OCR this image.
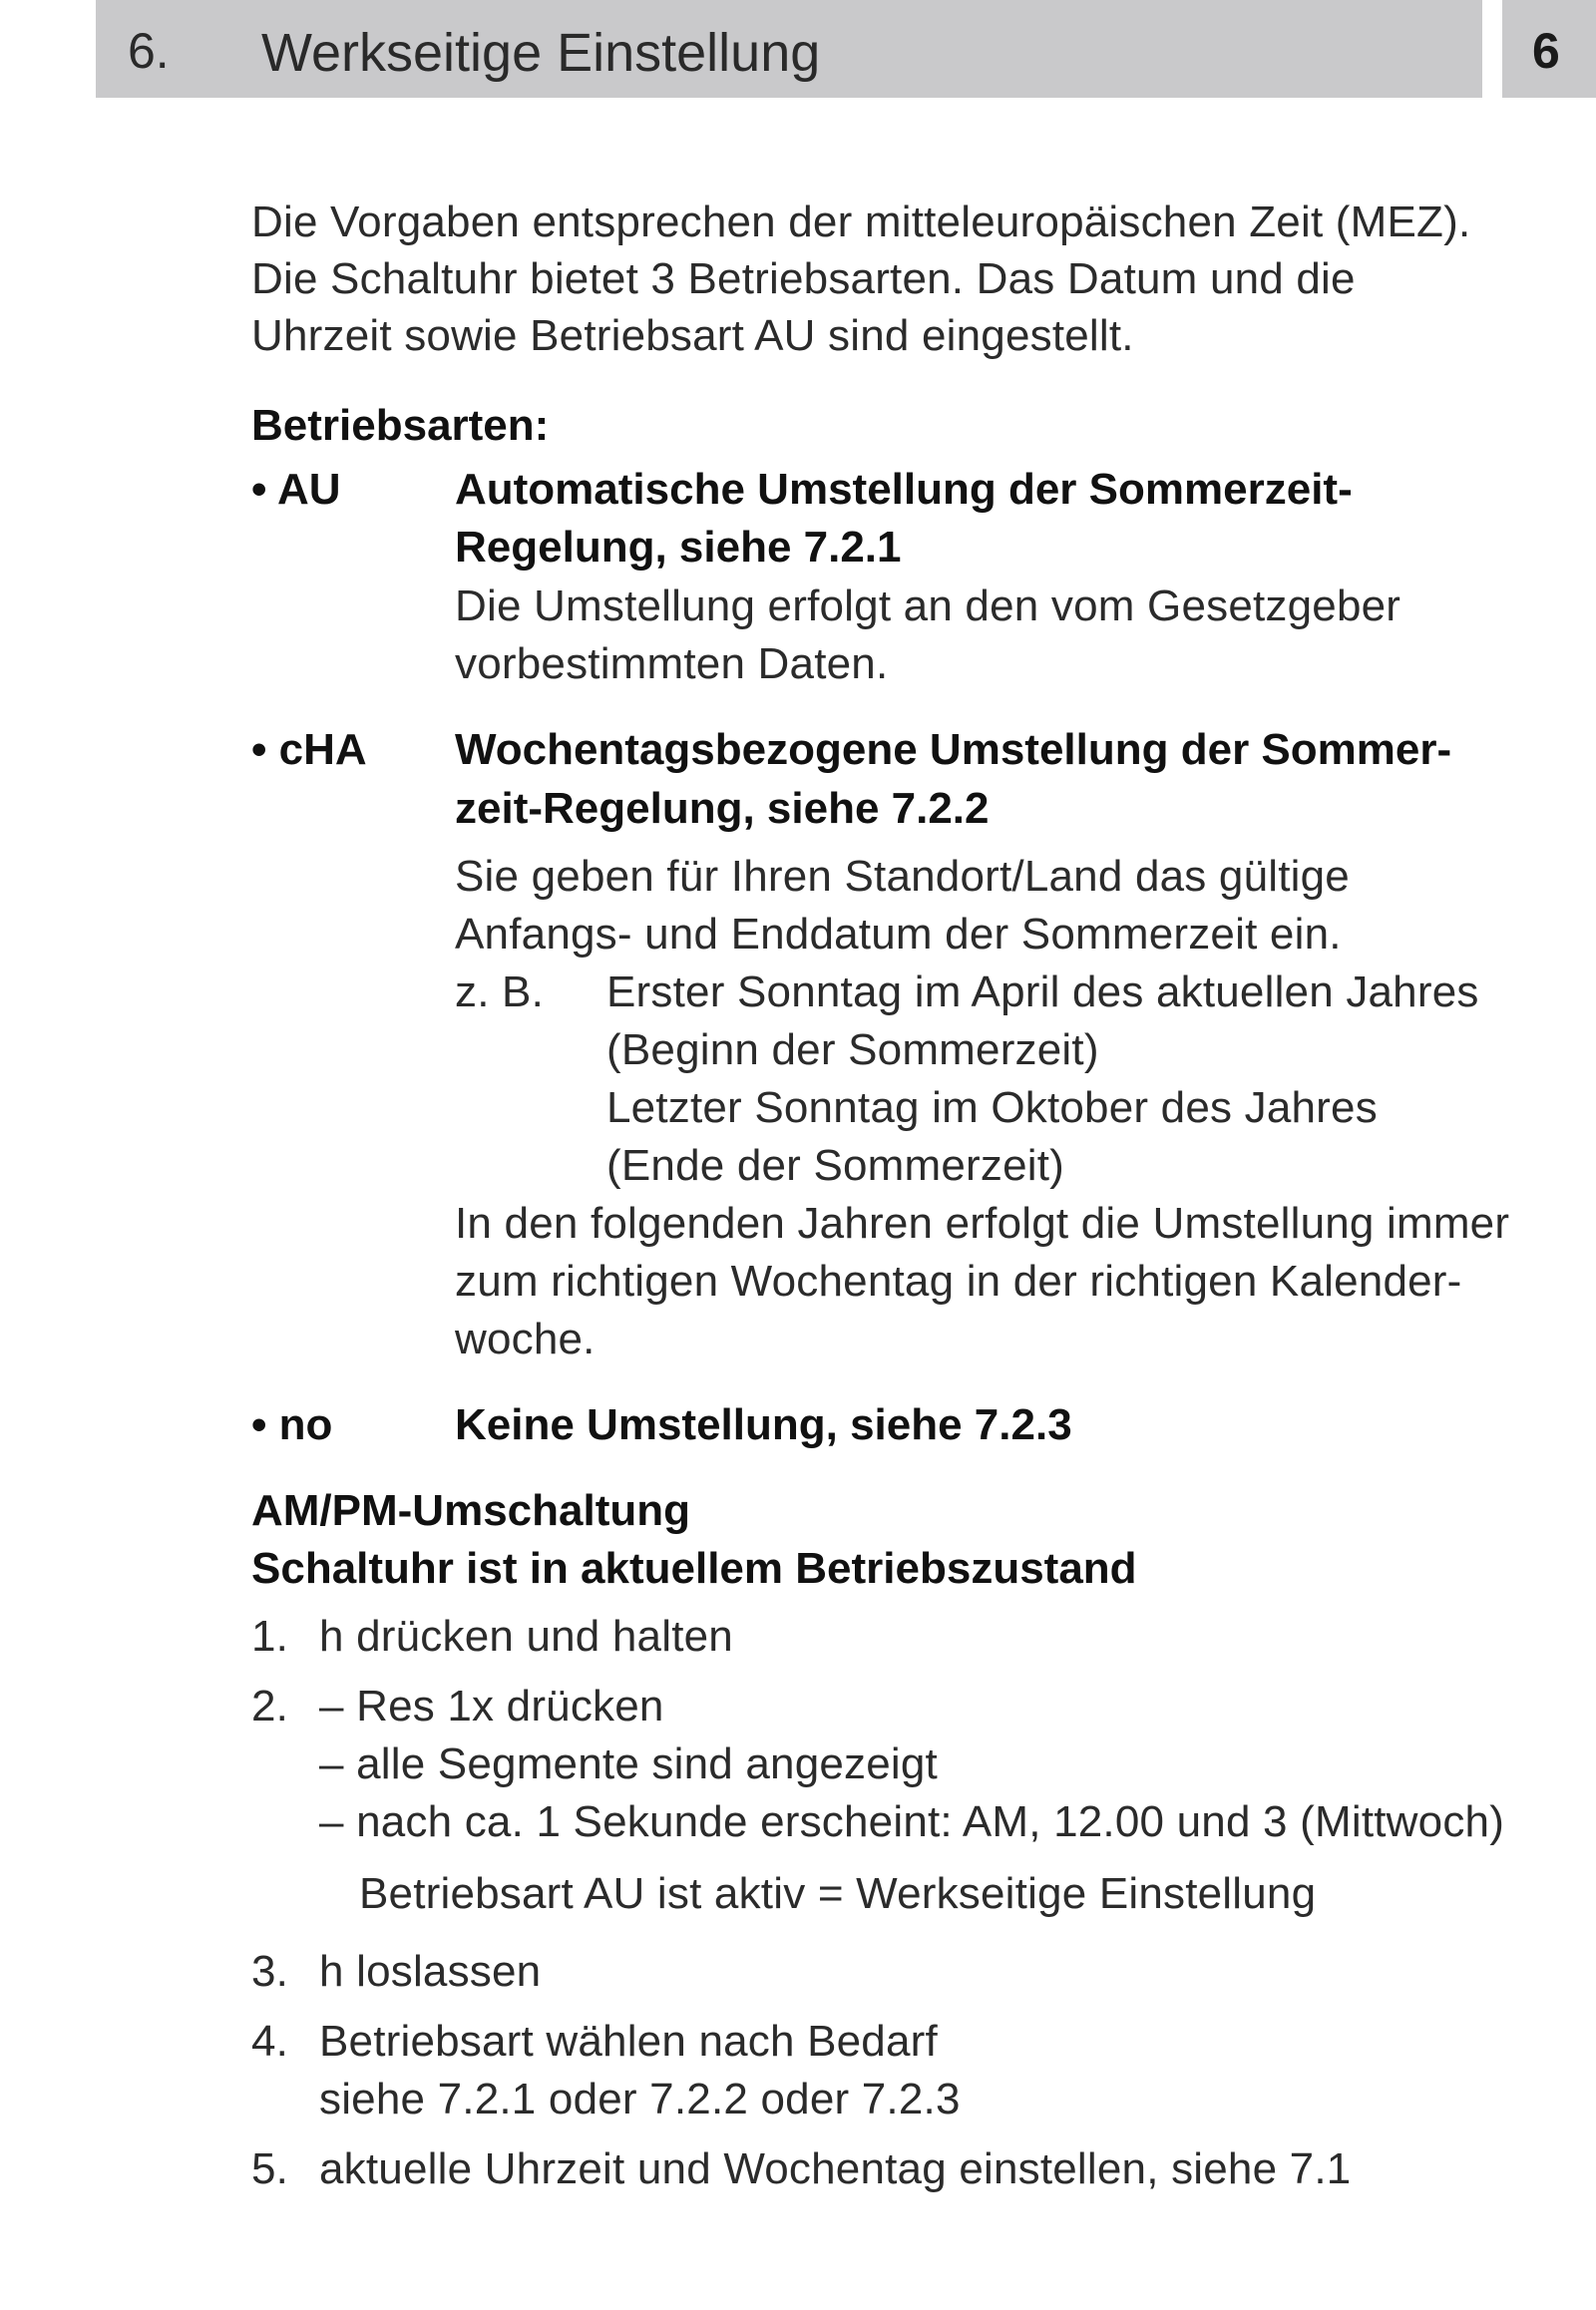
6. Werkseitige Einstellung	6
Die Vorgaben entsprechen der mitteleuropäischen Zeit (MEZ).
Die Schaltuhr bietet 3 Betriebsarten. Das Datum und die
Uhrzeit sowie Betriebsart AU sind eingestellt.
Betriebsarten:
• AU	Automatische Umstellung der Sommerzeit-
Regelung, siehe 7.2.1
Die Umstellung erfolgt an den vom Gesetzgeber
vorbestimmten Daten.
• cHA Wochentagsbezogene Umstellung der Sommer-
zeit-Regelung, siehe 7.2.2
Sie geben für Ihren Standort/Land das gültige
Anfangs- und Enddatum der Sommerzeit ein.
z. B. Erster Sonntag im April des aktuellen Jahres
(Beginn der Sommerzeit)
Letzter Sonntag im Oktober des Jahres
(Ende der Sommerzeit)
In den folgenden Jahren erfolgt die Umstellung immer
zum richtigen Wochentag in der richtigen Kalender-
woche.
• no	Keine Umstellung, siehe 7.2.3
AM/PM-Umschaltung
Schaltuhr ist in aktuellem Betriebszustand
1. h drücken und halten
2. – Res 1x drücken
– alle Segmente sind angezeigt
– nach ca. 1 Sekunde erscheint: AM, 12.00 und 3 (Mittwoch)
Betriebsart AU ist aktiv = Werkseitige Einstellung
3. h loslassen
4. Betriebsart wählen nach Bedarf
siehe 7.2.1 oder 7.2.2 oder 7.2.3
5. aktuelle Uhrzeit und Wochentag einstellen, siehe 7.1
